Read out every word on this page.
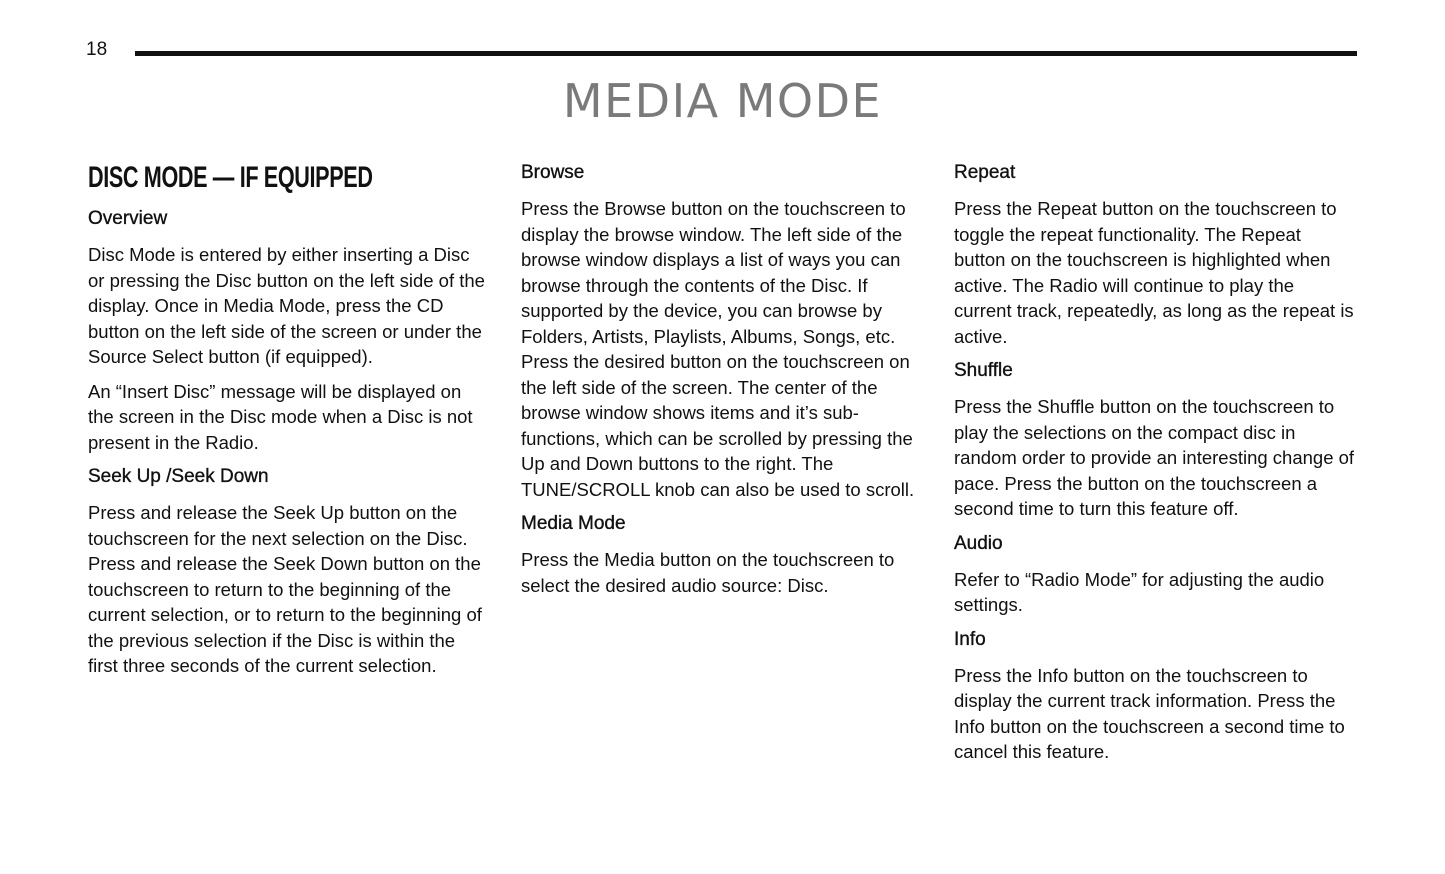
18
MEDIA MODE
DISC MODE — IF EQUIPPED
Overview

Disc Mode is entered by either inserting a Disc or pressing the Disc button on the left side of the display. Once in Media Mode, press the CD button on the left side of the screen or under the Source Select button (if equipped).

An “Insert Disc” message will be displayed on the screen in the Disc mode when a Disc is not present in the Radio.

Seek Up /Seek Down

Press and release the Seek Up button on the touchscreen for the next selection on the Disc. Press and release the Seek Down button on the touchscreen to return to the beginning of the current selection, or to return to the beginning of the previous selection if the Disc is within the first three seconds of the current selection.

Browse

Press the Browse button on the touchscreen to display the browse window. The left side of the browse window displays a list of ways you can browse through the contents of the Disc. If supported by the device, you can browse by Folders, Artists, Playlists, Albums, Songs, etc. Press the desired button on the touchscreen on the left side of the screen. The center of the browse window shows items and it’s sub-functions, which can be scrolled by pressing the Up and Down buttons to the right. The TUNE/SCROLL knob can also be used to scroll.

Media Mode

Press the Media button on the touchscreen to select the desired audio source: Disc.

Repeat

Press the Repeat button on the touchscreen to toggle the repeat functionality. The Repeat button on the touchscreen is highlighted when active. The Radio will continue to play the current track, repeatedly, as long as the repeat is active.

Shuffle

Press the Shuffle button on the touchscreen to play the selections on the compact disc in random order to provide an interesting change of pace. Press the button on the touchscreen a second time to turn this feature off.

Audio

Refer to “Radio Mode” for adjusting the audio settings.

Info

Press the Info button on the touchscreen to display the current track information. Press the Info button on the touchscreen a second time to cancel this feature.
